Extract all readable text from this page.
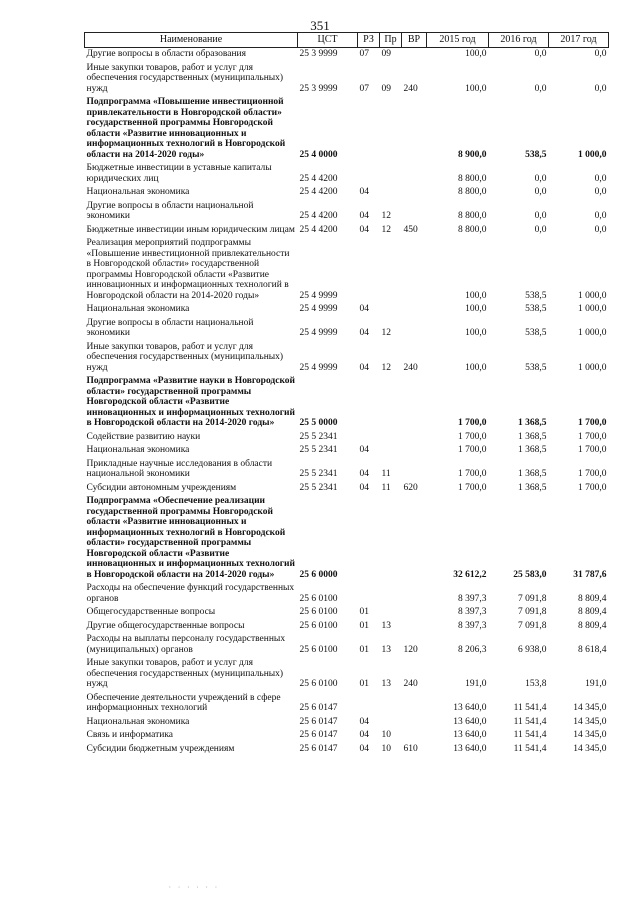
351
Наименование	ЦСТ	РЗ	Пр	ВР	2015 год	2016 год	2017 год
Другие вопросы в области образования	25 3 9999	07	09		100,0	0,0	0,0
Иные закупки товаров, работ и услуг для обеспечения государственных (муниципальных) нужд	25 3 9999	07	09	240	100,0	0,0	0,0
Подпрограмма «Повышение инвестиционной привлекательности в Новгородской области» государственной программы Новгородской области «Развитие инновационных и информационных технологий в Новгородской области на 2014-2020 годы»	25 4 0000				8 900,0	538,5	1 000,0
Бюджетные инвестиции в уставные капиталы юридических лиц	25 4 4200				8 800,0	0,0	0,0
Национальная экономика	25 4 4200	04			8 800,0	0,0	0,0
Другие вопросы в области национальной экономики	25 4 4200	04	12		8 800,0	0,0	0,0
Бюджетные инвестиции иным юридическим лицам	25 4 4200	04	12	450	8 800,0	0,0	0,0
Реализация мероприятий подпрограммы «Повышение инвестиционной привлекательности в Новгородской области» государственной программы Новгородской области «Развитие инновационных и информационных технологий в Новгородской области на 2014-2020 годы»	25 4 9999				100,0	538,5	1 000,0
Национальная экономика	25 4 9999	04			100,0	538,5	1 000,0
Другие вопросы в области национальной экономики	25 4 9999	04	12		100,0	538,5	1 000,0
Иные закупки товаров, работ и услуг для обеспечения государственных (муниципальных) нужд	25 4 9999	04	12	240	100,0	538,5	1 000,0
Подпрограмма «Развитие науки в Новгородской области» государственной программы Новгородской области «Развитие инновационных и информационных технологий в Новгородской области на 2014-2020 годы»	25 5 0000				1 700,0	1 368,5	1 700,0
Содействие развитию науки	25 5 2341				1 700,0	1 368,5	1 700,0
Национальная экономика	25 5 2341	04			1 700,0	1 368,5	1 700,0
Прикладные научные исследования в области национальной экономики	25 5 2341	04	11		1 700,0	1 368,5	1 700,0
Субсидии автономным учреждениям	25 5 2341	04	11	620	1 700,0	1 368,5	1 700,0
Подпрограмма «Обеспечение реализации государственной программы Новгородской области «Развитие инновационных и информационных технологий в Новгородской области» государственной программы Новгородской области «Развитие инновационных и информационных технологий в Новгородской области на 2014-2020 годы»	25 6 0000				32 612,2	25 583,0	31 787,6
Расходы на обеспечение функций государственных органов	25 6 0100				8 397,3	7 091,8	8 809,4
Общегосударственные вопросы	25 6 0100	01			8 397,3	7 091,8	8 809,4
Другие общегосударственные вопросы	25 6 0100	01	13		8 397,3	7 091,8	8 809,4
Расходы на выплаты персоналу государственных (муниципальных) органов	25 6 0100	01	13	120	8 206,3	6 938,0	8 618,4
Иные закупки товаров, работ и услуг для обеспечения государственных (муниципальных) нужд	25 6 0100	01	13	240	191,0	153,8	191,0
Обеспечение деятельности учреждений в сфере информационных технологий	25 6 0147				13 640,0	11 541,4	14 345,0
Национальная экономика	25 6 0147	04			13 640,0	11 541,4	14 345,0
Связь и информатика	25 6 0147	04	10		13 640,0	11 541,4	14 345,0
Субсидии бюджетным учреждениям	25 6 0147	04	10	610	13 640,0	11 541,4	14 345,0
· · · · · ·
